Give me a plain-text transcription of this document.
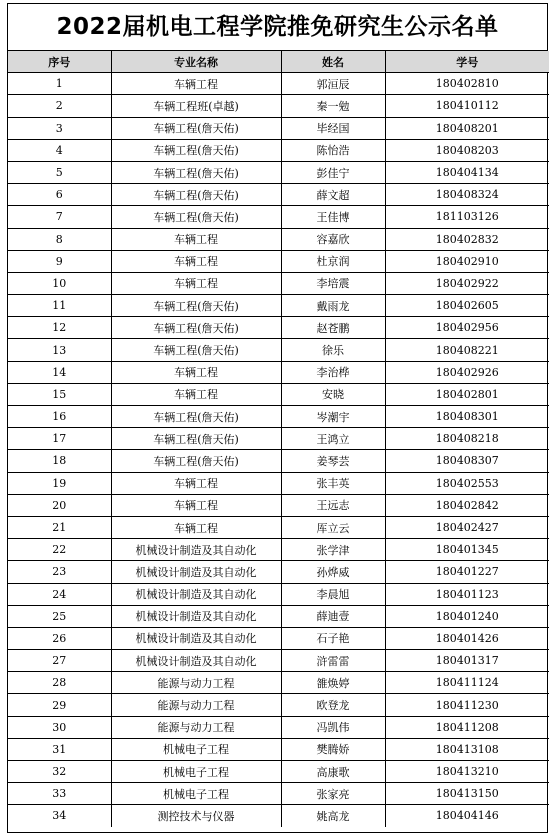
2022届机电工程学院推免研究生公示名单
序号	专业名称	姓名	学号
1	车辆工程	郭洹辰	180402810
2	车辆工程班(卓越)	秦一勉	180410112
3	车辆工程(詹天佑)	毕经国	180408201
4	车辆工程(詹天佑)	陈怡浩	180408203
5	车辆工程(詹天佑)	彭佳宁	180404134
6	车辆工程(詹天佑)	薛文超	180408324
7	车辆工程(詹天佑)	王佳博	181103126
8	车辆工程	容嘉欣	180402832
9	车辆工程	杜京润	180402910
10	车辆工程	李培震	180402922
11	车辆工程(詹天佑)	戴雨龙	180402605
12	车辆工程(詹天佑)	赵苍鹏	180402956
13	车辆工程(詹天佑)	徐乐	180408221
14	车辆工程	李治桦	180402926
15	车辆工程	安晓	180402801
16	车辆工程(詹天佑)	岑潮宇	180408301
17	车辆工程(詹天佑)	王鸿立	180408218
18	车辆工程(詹天佑)	姜琴芸	180408307
19	车辆工程	张丰英	180402553
20	车辆工程	王远志	180402842
21	车辆工程	厍立云	180402427
22	机械设计制造及其自动化	张学津	180401345
23	机械设计制造及其自动化	孙烨威	180401227
24	机械设计制造及其自动化	李晨旭	180401123
25	机械设计制造及其自动化	薛迪壹	180401240
26	机械设计制造及其自动化	石子艳	180401426
27	机械设计制造及其自动化	浒雷雷	180401317
28	能源与动力工程	雒焕婷	180411124
29	能源与动力工程	欧登龙	180411230
30	能源与动力工程	冯凯伟	180411208
31	机械电子工程	樊腾娇	180413108
32	机械电子工程	高康歌	180413210
33	机械电子工程	张家亮	180413150
34	测控技术与仪器	姚高龙	180404146
